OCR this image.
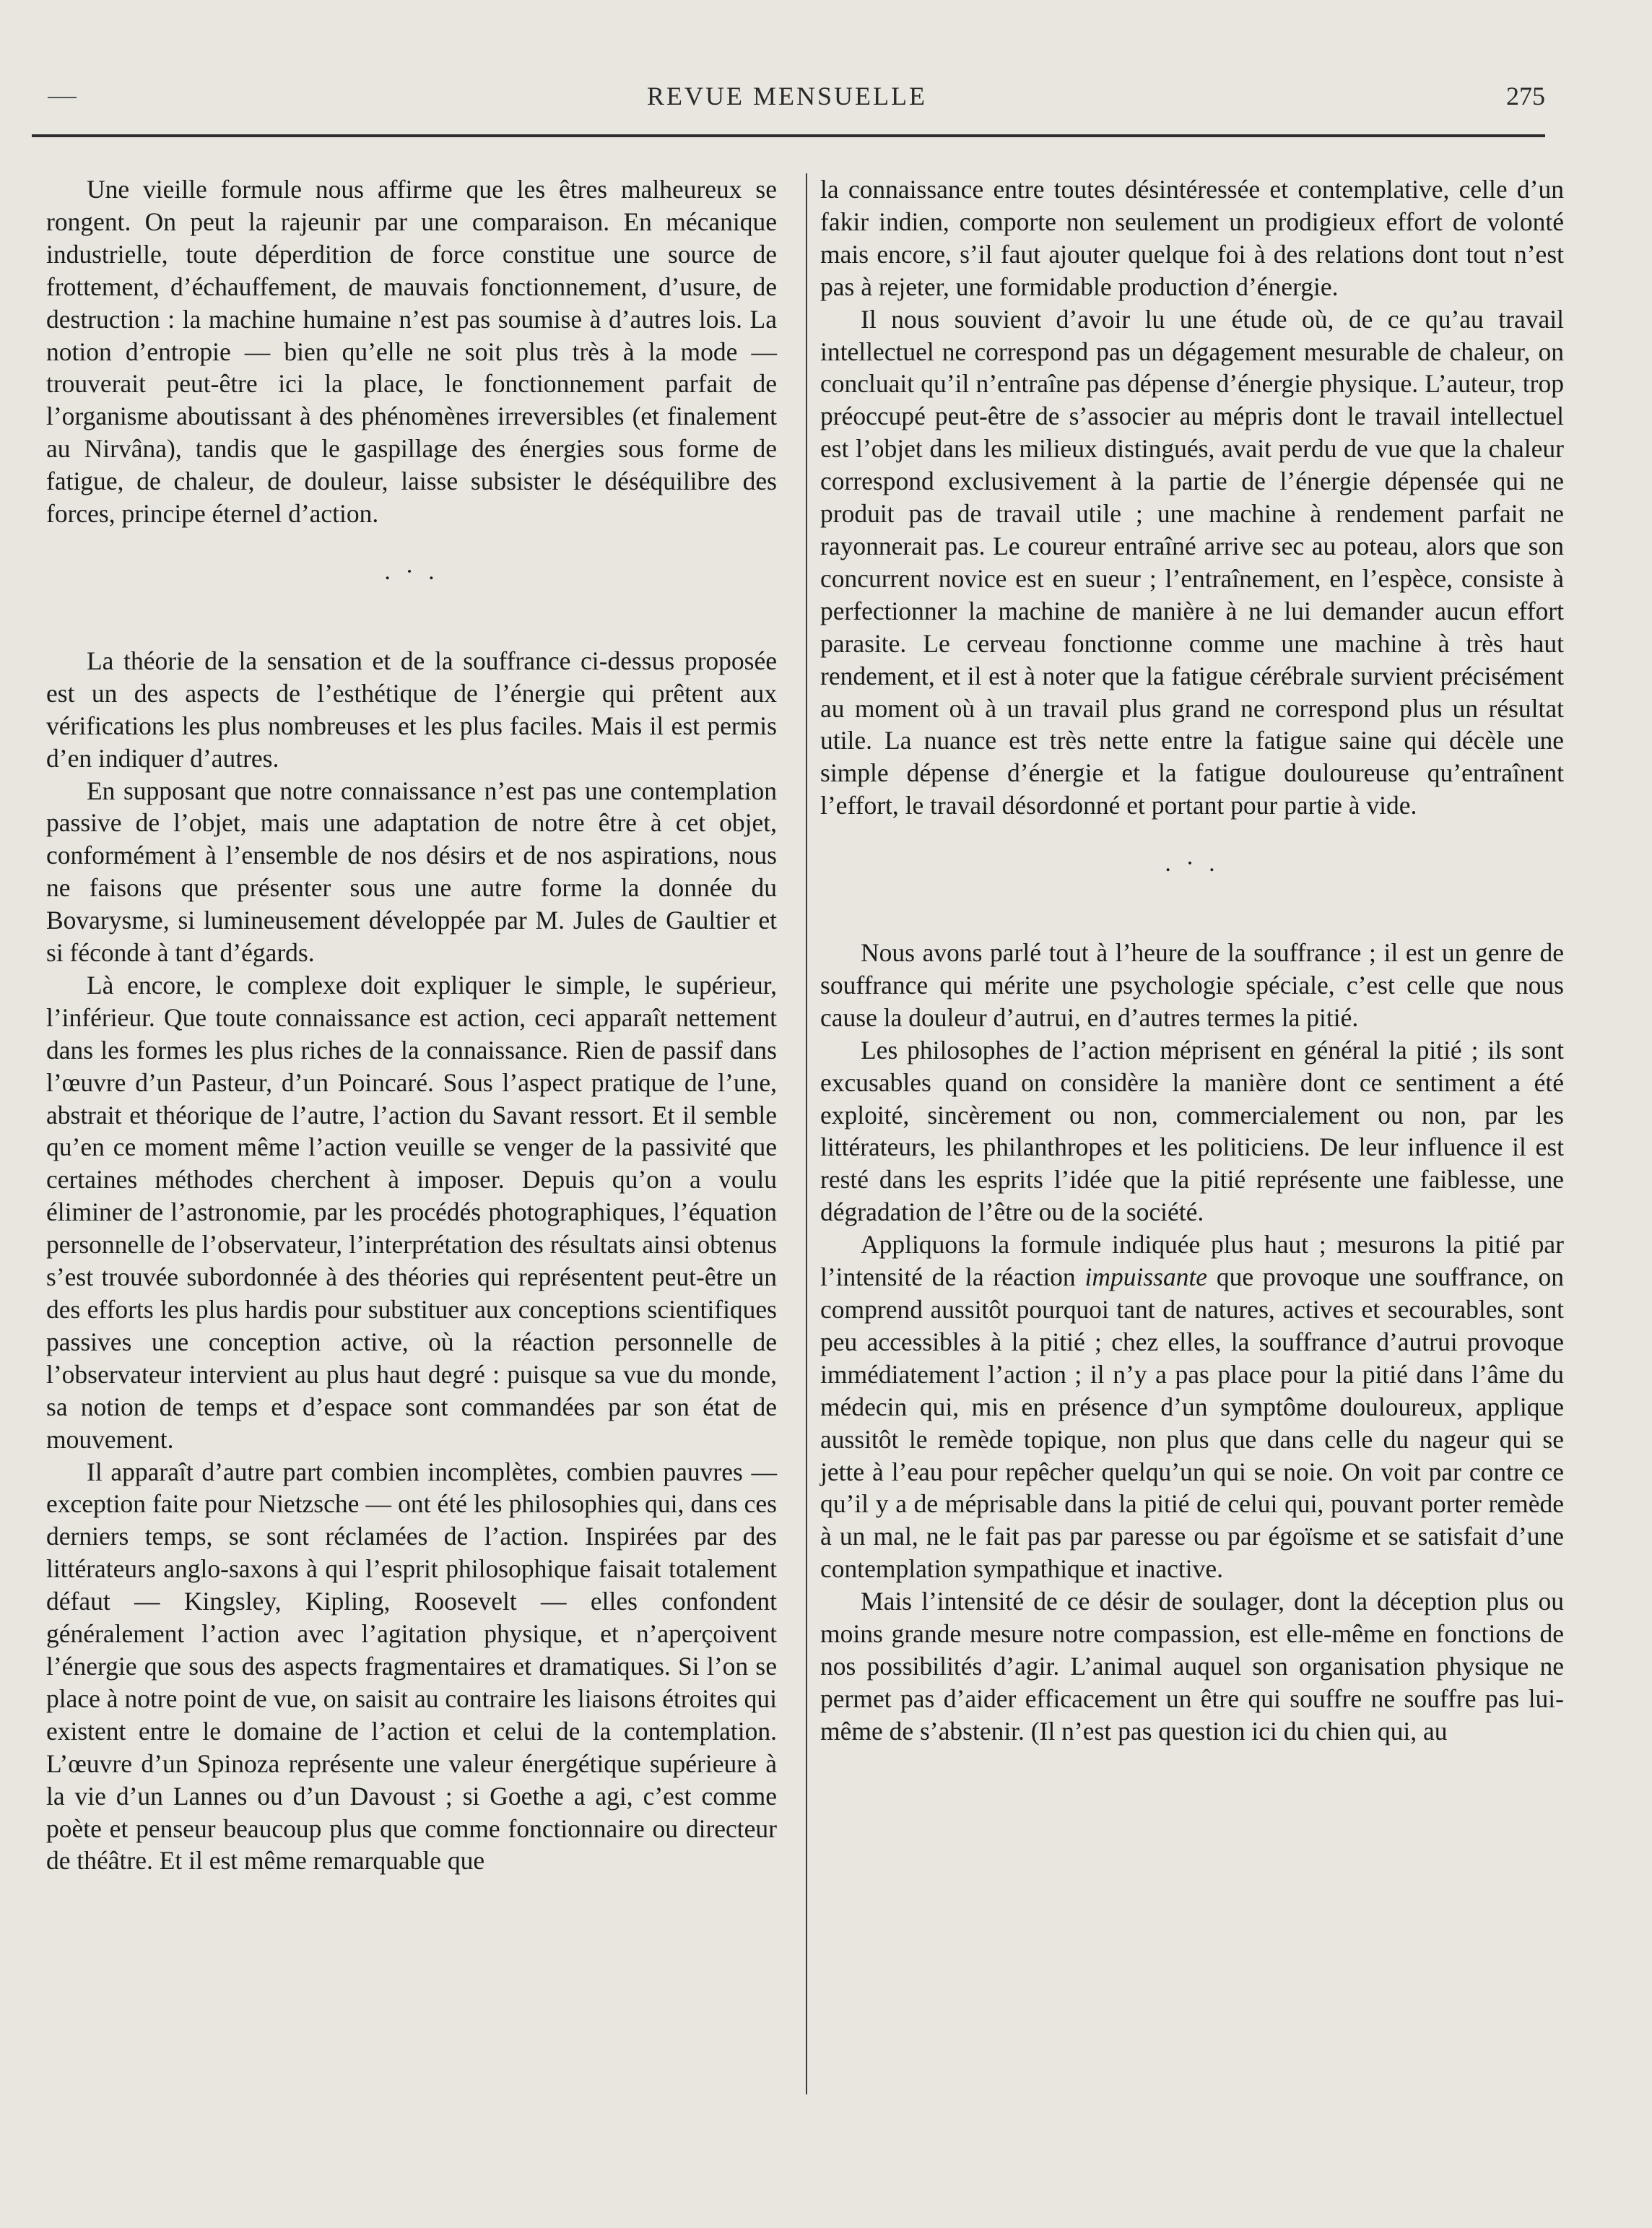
REVUE MENSUELLE	275

Une vieille formule nous affirme que les êtres malheureux se rongent. On peut la rajeunir par une comparaison. En mécanique industrielle, toute déperdition de force constitue une source de frottement, d’échauffement, de mauvais fonctionnement, d’usure, de destruction : la machine humaine n’est pas soumise à d’autres lois. La notion d’entropie — bien qu’elle ne soit plus très à la mode — trouverait peut-être ici la place, le fonctionnement parfait de l’organisme aboutissant à des phénomènes irreversibles (et finalement au Nirvâna), tandis que le gaspillage des énergies sous forme de fatigue, de chaleur, de douleur, laisse subsister le déséquilibre des forces, principe éternel d’action.

. · .

La théorie de la sensation et de la souffrance ci-dessus proposée est un des aspects de l’esthétique de l’énergie qui prêtent aux vérifications les plus nombreuses et les plus faciles. Mais il est permis d’en indiquer d’autres.

En supposant que notre connaissance n’est pas une contemplation passive de l’objet, mais une adaptation de notre être à cet objet, conformément à l’ensemble de nos désirs et de nos aspirations, nous ne faisons que présenter sous une autre forme la donnée du Bovarysme, si lumineusement développée par M. Jules de Gaultier et si féconde à tant d’égards.

Là encore, le complexe doit expliquer le simple, le supérieur, l’inférieur. Que toute connaissance est action, ceci apparaît nettement dans les formes les plus riches de la connaissance. Rien de passif dans l’œuvre d’un Pasteur, d’un Poincaré. Sous l’aspect pratique de l’une, abstrait et théorique de l’autre, l’action du Savant ressort. Et il semble qu’en ce moment même l’action veuille se venger de la passivité que certaines méthodes cherchent à imposer. Depuis qu’on a voulu éliminer de l’astronomie, par les procédés photographiques, l’équation personnelle de l’observateur, l’interprétation des résultats ainsi obtenus s’est trouvée subordonnée à des théories qui représentent peut-être un des efforts les plus hardis pour substituer aux conceptions scientifiques passives une conception active, où la réaction personnelle de l’observateur intervient au plus haut degré : puisque sa vue du monde, sa notion de temps et d’espace sont commandées par son état de mouvement.

Il apparaît d’autre part combien incomplètes, combien pauvres — exception faite pour Nietzsche — ont été les philosophies qui, dans ces derniers temps, se sont réclamées de l’action. Inspirées par des littérateurs anglo-saxons à qui l’esprit philosophique faisait totalement défaut — Kingsley, Kipling, Roosevelt — elles confondent généralement l’action avec l’agitation physique, et n’aperçoivent l’énergie que sous des aspects fragmentaires et dramatiques. Si l’on se place à notre point de vue, on saisit au contraire les liaisons étroites qui existent entre le domaine de l’action et celui de la contemplation. L’œuvre d’un Spinoza représente une valeur énergétique supérieure à la vie d’un Lannes ou d’un Davoust ; si Goethe a agi, c’est comme poète et penseur beaucoup plus que comme fonctionnaire ou directeur de théâtre. Et il est même remarquable que

la connaissance entre toutes désintéressée et contemplative, celle d’un fakir indien, comporte non seulement un prodigieux effort de volonté mais encore, s’il faut ajouter quelque foi à des relations dont tout n’est pas à rejeter, une formidable production d’énergie.

Il nous souvient d’avoir lu une étude où, de ce qu’au travail intellectuel ne correspond pas un dégagement mesurable de chaleur, on concluait qu’il n’entraîne pas dépense d’énergie physique. L’auteur, trop préoccupé peut-être de s’associer au mépris dont le travail intellectuel est l’objet dans les milieux distingués, avait perdu de vue que la chaleur correspond exclusivement à la partie de l’énergie dépensée qui ne produit pas de travail utile ; une machine à rendement parfait ne rayonnerait pas. Le coureur entraîné arrive sec au poteau, alors que son concurrent novice est en sueur ; l’entraînement, en l’espèce, consiste à perfectionner la machine de manière à ne lui demander aucun effort parasite. Le cerveau fonctionne comme une machine à très haut rendement, et il est à noter que la fatigue cérébrale survient précisément au moment où à un travail plus grand ne correspond plus un résultat utile. La nuance est très nette entre la fatigue saine qui décèle une simple dépense d’énergie et la fatigue douloureuse qu’entraînent l’effort, le travail désordonné et portant pour partie à vide.

. · .

Nous avons parlé tout à l’heure de la souffrance ; il est un genre de souffrance qui mérite une psychologie spéciale, c’est celle que nous cause la douleur d’autrui, en d’autres termes la pitié.

Les philosophes de l’action méprisent en général la pitié ; ils sont excusables quand on considère la manière dont ce sentiment a été exploité, sincèrement ou non, commercialement ou non, par les littérateurs, les philanthropes et les politiciens. De leur influence il est resté dans les esprits l’idée que la pitié représente une faiblesse, une dégradation de l’être ou de la société.

Appliquons la formule indiquée plus haut ; mesurons la pitié par l’intensité de la réaction impuissante que provoque une souffrance, on comprend aussitôt pourquoi tant de natures, actives et secourables, sont peu accessibles à la pitié ; chez elles, la souffrance d’autrui provoque immédiatement l’action ; il n’y a pas place pour la pitié dans l’âme du médecin qui, mis en présence d’un symptôme douloureux, applique aussitôt le remède topique, non plus que dans celle du nageur qui se jette à l’eau pour repêcher quelqu’un qui se noie. On voit par contre ce qu’il y a de méprisable dans la pitié de celui qui, pouvant porter remède à un mal, ne le fait pas par paresse ou par égoïsme et se satisfait d’une contemplation sympathique et inactive.

Mais l’intensité de ce désir de soulager, dont la déception plus ou moins grande mesure notre compassion, est elle-même en fonctions de nos possibilités d’agir. L’animal auquel son organisation physique ne permet pas d’aider efficacement un être qui souffre ne souffre pas lui-même de s’abstenir. (Il n’est pas question ici du chien qui, au
